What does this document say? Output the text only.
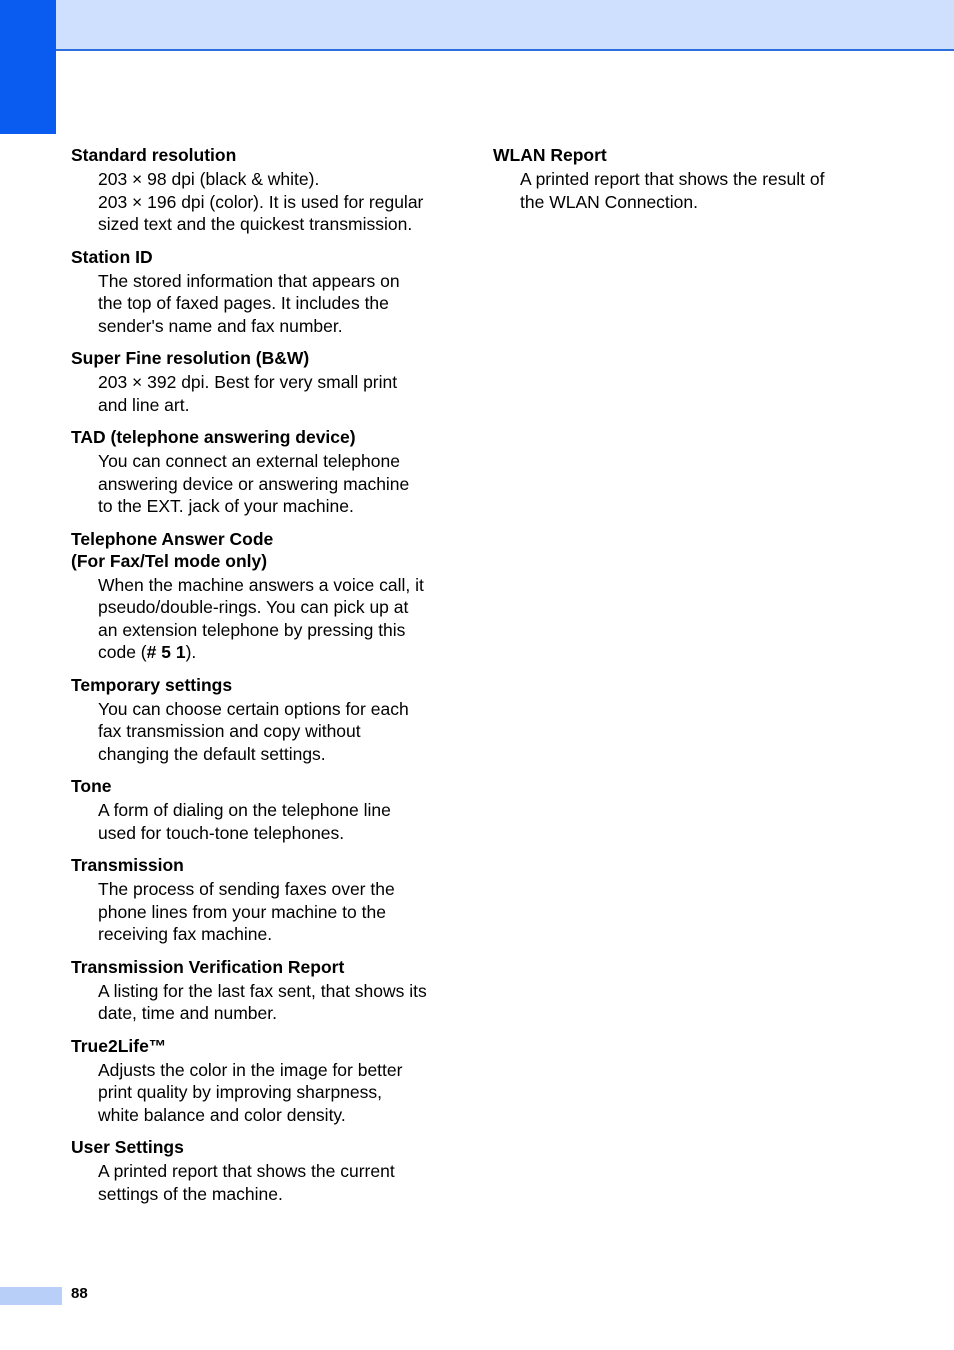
Standard resolution

203 × 98 dpi (black & white).

203 × 196 dpi (color). It is used for regular
sized text and the quickest transmission.

Station ID

The stored information that appears on
the top of faxed pages. It includes the
sender's name and fax number.

Super Fine resolution (B&W)

203 × 392 dpi. Best for very small print
and line art.

TAD (telephone answering device)

You can connect an external telephone
answering device or answering machine
to the EXT. jack of your machine.

Telephone Answer Code
(For Fax/Tel mode only)

When the machine answers a voice call, it
pseudo/double-rings. You can pick up at
an extension telephone by pressing this

code (# 5 1).

Temporary settings

You can choose certain options for each
fax transmission and copy without
changing the default settings.

Tone

A form of dialing on the telephone line
used for touch-tone telephones.

Transmission

The process of sending faxes over the
phone lines from your machine to the
receiving fax machine.

Transmission Verification Report

A listing for the last fax sent, that shows its
date, time and number.

True2Life™

Adjusts the color in the image for better
print quality by improving sharpness,
white balance and color density.

User Settings

A printed report that shows the current
settings of the machine.

WLAN Report

A printed report that shows the result of
the WLAN Connection.

88
